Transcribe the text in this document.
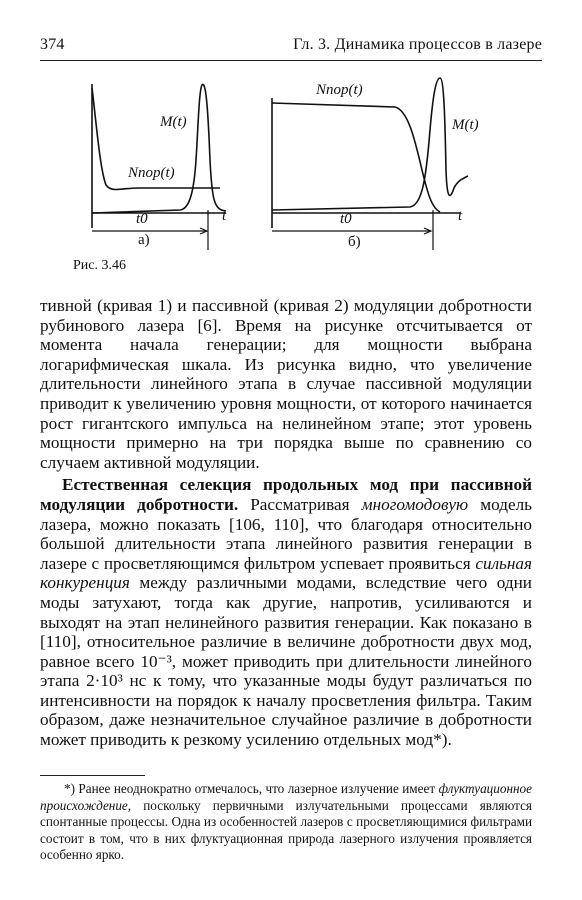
374	Гл. 3. Динамика процессов в лазере
M(t)
Nпор(t)
t
t0
a)
Nпор(t)
M(t)
t
t0
б)
Рис. 3.46

тивной (кривая 1) и пассивной (кривая 2) модуляции добротности рубинового лазера [6]. Время на рисунке отсчитывается от момента начала генерации; для мощности выбрана логарифмическая шкала. Из рисунка видно, что увеличение длительности линейного этапа в случае пассивной модуляции приводит к увеличению уровня мощности, от которого начинается рост гигантского импульса на нелинейном этапе; этот уровень мощности примерно на три порядка выше по сравнению со случаем активной модуляции.

Естественная селекция продольных мод при пассивной модуляции добротности. Рассматривая многомодовую модель лазера, можно показать [106, 110], что благодаря относительно большой длительности этапа линейного развития генерации в лазере с просветляющимся фильтром успевает проявиться сильная конкуренция между различными модами, вследствие чего одни моды затухают, тогда как другие, напротив, усиливаются и выходят на этап нелинейного развития генерации. Как показано в [110], относительное различие в величине добротности двух мод, равное всего 10⁻³, может приводить при длительности линейного этапа 2·10³ нс к тому, что указанные моды будут различаться по интенсивности на порядок к началу просветления фильтра. Таким образом, даже незначительное случайное различие в добротности может приводить к резкому усилению отдельных мод*).

*) Ранее неоднократно отмечалось, что лазерное излучение имеет флуктуационное происхождение, поскольку первичными излучательными процессами являются спонтанные процессы. Одна из особенностей лазеров с просветляющимися фильтрами состоит в том, что в них флуктуационная природа лазерного излучения проявляется особенно ярко.
